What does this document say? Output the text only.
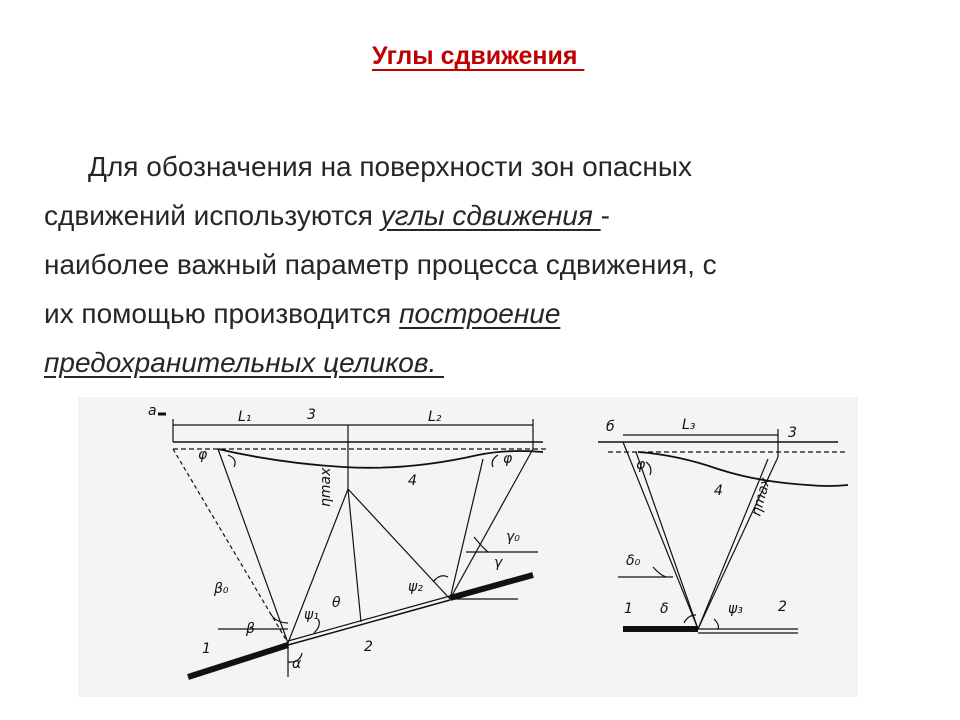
Углы сдвижения
Для обозначения на поверхности зон опасных
сдвижений используются углы сдвижения -
наиболее важный параметр процесса сдвижения, с
их помощью производится построение
предохранительных целиков.
а	L₁	L₂
3
4
φ	φ
ηmax
γ₀
γ
β₀
β
ψ₁
ψ₂
θ
α
1	2
б	L₃	3
4
φ
ηmax
δ₀
δ	ψ₃
1	2
